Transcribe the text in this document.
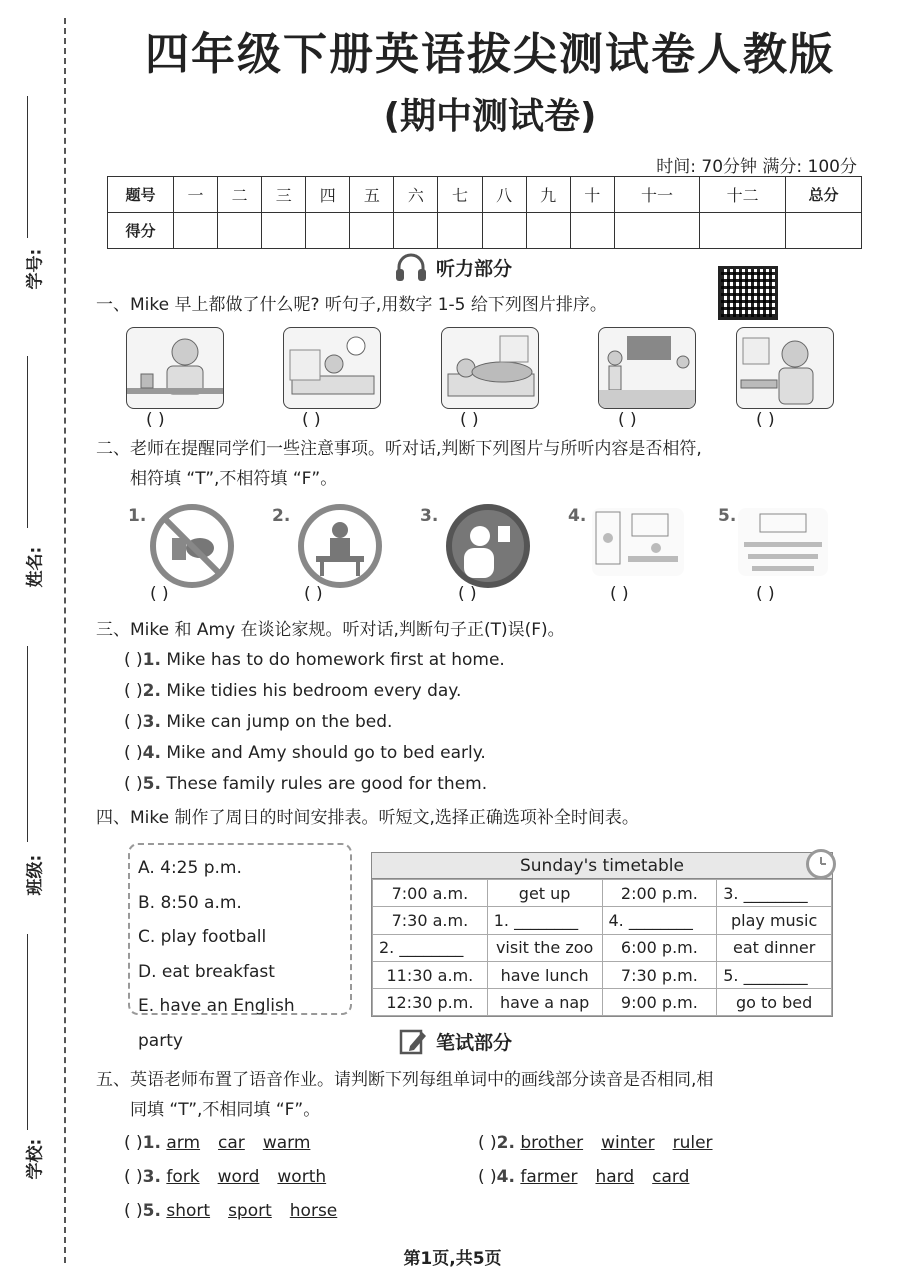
学号:
姓名:
班级:
学校:
四年级下册英语拔尖测试卷人教版
(期中测试卷)
时间: 70分钟 满分: 100分
题号	一	二	三	四	五	六	七	八	九	十	十一	十二	总分
得分													
听力部分
一、Mike 早上都做了什么呢? 听句子,用数字 1-5 给下列图片排序。
( )	( )	( )	( )	( )
二、老师在提醒同学们一些注意事项。听对话,判断下列图片与所听内容是否相符,
相符填 “T”,不相符填 “F”。
1.	2.	3.	4.	5.
( )	( )	( )	( )	( )
三、Mike 和 Amy 在谈论家规。听对话,判断句子正(T)误(F)。
( )1. Mike has to do homework first at home.
( )2. Mike tidies his bedroom every day.
( )3. Mike can jump on the bed.
( )4. Mike and Amy should go to bed early.
( )5. These family rules are good for them.
四、Mike 制作了周日的时间安排表。听短文,选择正确选项补全时间表。
A. 4:25 p.m.
B. 8:50 a.m.
C. play football
D. eat breakfast
E. have an English party
Sunday's timetable
7:00 a.m.	get up	2:00 p.m.	3. ________
7:30 a.m.	1. ________	4. ________	play music
2. ________	visit the zoo	6:00 p.m.	eat dinner
11:30 a.m.	have lunch	7:30 p.m.	5. ________
12:30 p.m.	have a nap	9:00 p.m.	go to bed
笔试部分
五、英语老师布置了语音作业。请判断下列每组单词中的画线部分读音是否相同,相
同填 “T”,不相同填 “F”。
( )1. arm car warm	( )2. brother winter ruler
( )3. fork word worth	( )4. farmer hard card
( )5. short sport horse
第1页,共5页
